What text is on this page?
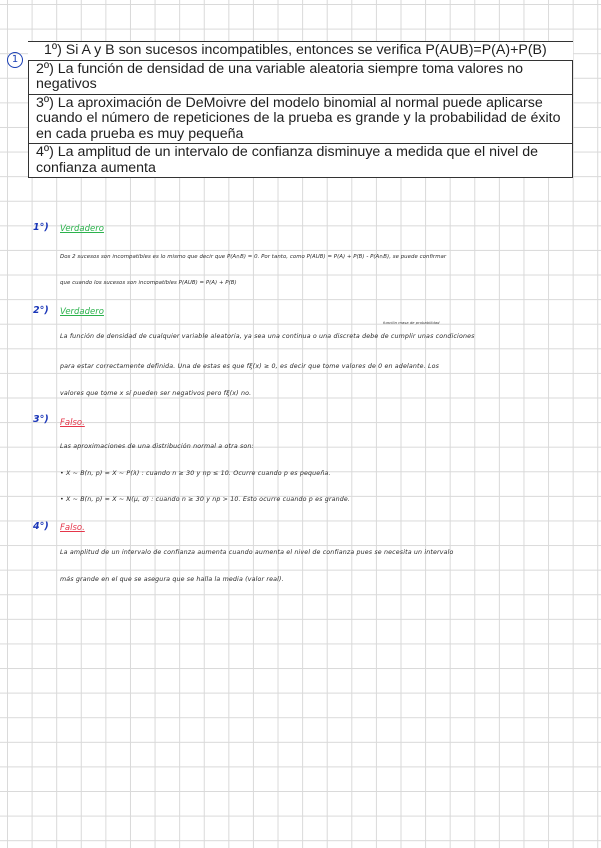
1
1º) Si A y B son sucesos incompatibles, entonces se verifica P(AUB)=P(A)+P(B)
2º) La función de densidad de una variable aleatoria siempre toma valores no negativos
3º) La aproximación de DeMoivre del modelo binomial al normal puede aplicarse cuando el número de repeticiones de la prueba es grande y la probabilidad de éxito en cada prueba es muy pequeña
4º) La amplitud de un intervalo de confianza disminuye a medida que el nivel de confianza aumenta
1°) Verdadero
Dos 2 sucesos son incompatibles es lo mismo que decir que P(A∩B) = 0. Por tanto, como P(AUB) = P(A) + P(B) - P(A∩B), se puede confirmar
que cuando los sucesos son incompatibles P(AUB) = P(A) + P(B)
2°) Verdadero
función masa de probabilidad
La función de densidad de cualquier variable aleatoria, ya sea una continua o una discreta debe de cumplir unas condiciones
para estar correctamente definida. Una de estas es que fξ(x) ≥ 0, es decir que tome valores de 0 en adelante. Los
valores que tome x sí pueden ser negativos pero fξ(x) no.
3°) Falso.
Las aproximaciones de una distribución normal a otra son:
• X ~ B(n, p) ≈ X ~ P(λ) : cuando n ≥ 30 y np ≤ 10. Ocurre cuando p es pequeña.
• X ~ B(n, p) ≈ X ~ N(μ, σ) : cuando n ≥ 30 y np > 10. Esto ocurre cuando p es grande.
4°) Falso.
La amplitud de un intervalo de confianza aumenta cuando aumenta el nivel de confianza pues se necesita un intervalo
más grande en el que se asegura que se halla la media (valor real).
